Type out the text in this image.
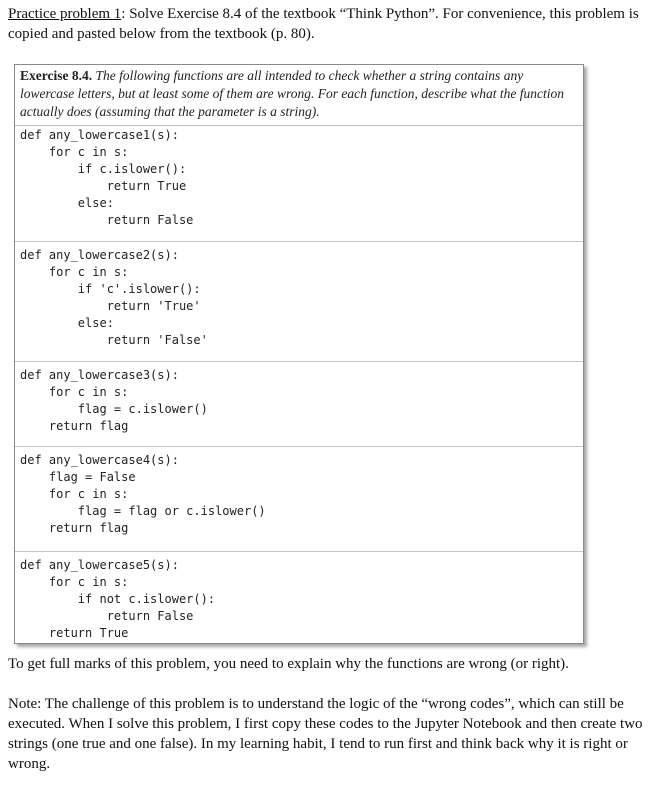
Practice problem 1: Solve Exercise 8.4 of the textbook “Think Python”. For convenience, this problem is copied and pasted below from the textbook (p. 80).
Exercise 8.4. The following functions are all intended to check whether a string contains any lowercase letters, but at least some of them are wrong. For each function, describe what the function actually does (assuming that the parameter is a string).
def any_lowercase1(s):
for c in s:
if c.islower():
return True
else:
return False
def any_lowercase2(s):
for c in s:
if 'c'.islower():
return 'True'
else:
return 'False'
def any_lowercase3(s):
for c in s:
flag = c.islower()
return flag
def any_lowercase4(s):
flag = False
for c in s:
flag = flag or c.islower()
return flag
def any_lowercase5(s):
for c in s:
if not c.islower():
return False
return True

To get full marks of this problem, you need to explain why the functions are wrong (or right).

Note: The challenge of this problem is to understand the logic of the “wrong codes”, which can still be executed. When I solve this problem, I first copy these codes to the Jupyter Notebook and then create two strings (one true and one false). In my learning habit, I tend to run first and think back why it is right or wrong.
